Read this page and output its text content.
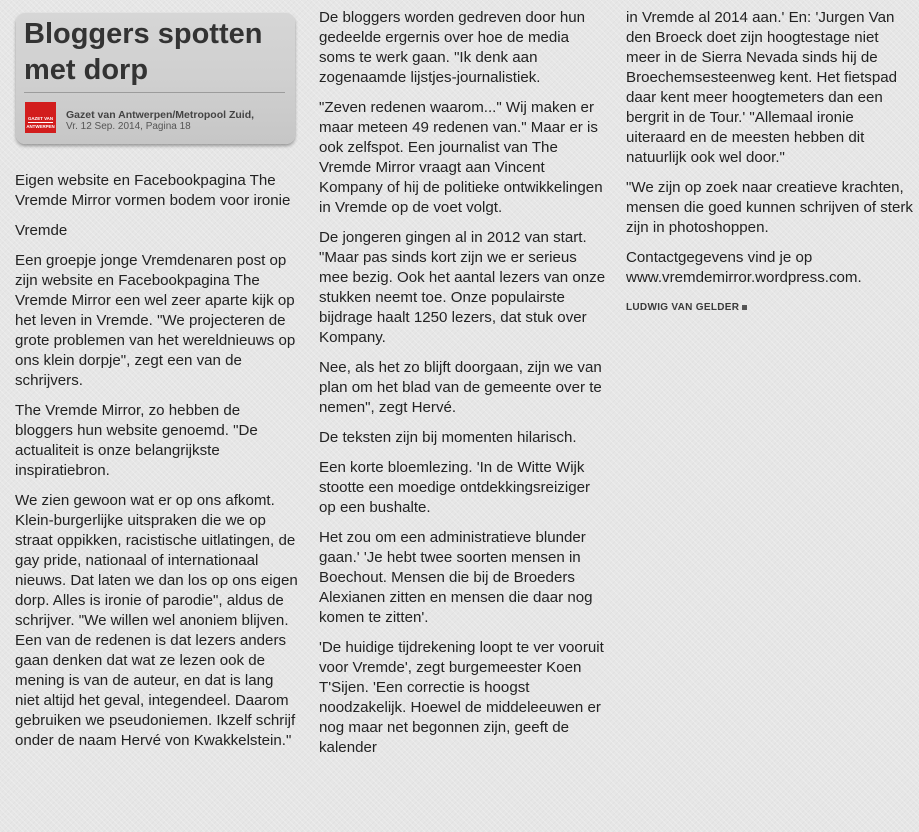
Bloggers spotten
met dorp
GAZET VAN
ANTWERPEN
Gazet van Antwerpen/Metropool Zuid,
Vr. 12 Sep. 2014, Pagina 18

Eigen website en Facebookpagina The Vremde Mirror vormen bodem voor ironie

Vremde

Een groepje jonge Vremdenaren post op zijn website en Facebookpagina The Vremde Mirror een wel zeer aparte kijk op het leven in Vremde. "We projecteren de grote problemen van het wereldnieuws op ons klein dorpje", zegt een van de schrijvers.

The Vremde Mirror, zo hebben de bloggers hun website genoemd. "De actualiteit is onze belangrijkste inspiratiebron.

We zien gewoon wat er op ons afkomt. Klein-burgerlijke uitspraken die we op straat oppikken, racistische uitlatingen, de gay pride, nationaal of internationaal nieuws. Dat laten we dan los op ons eigen dorp. Alles is ironie of parodie", aldus de schrijver. "We willen wel anoniem blijven. Een van de redenen is dat lezers anders gaan denken dat wat ze lezen ook de mening is van de auteur, en dat is lang niet altijd het geval, integendeel. Daarom gebruiken we pseudoniemen. Ikzelf schrijf onder de naam Hervé von Kwakkelstein."

De bloggers worden gedreven door hun gedeelde ergernis over hoe de media soms te werk gaan. "Ik denk aan zogenaamde lijstjes-journalistiek.

"Zeven redenen waarom..." Wij maken er maar meteen 49 redenen van." Maar er is ook zelfspot. Een journalist van The Vremde Mirror vraagt aan Vincent Kompany of hij de politieke ontwikkelingen in Vremde op de voet volgt.

De jongeren gingen al in 2012 van start. "Maar pas sinds kort zijn we er serieus mee bezig. Ook het aantal lezers van onze stukken neemt toe. Onze populairste bijdrage haalt 1250 lezers, dat stuk over Kompany.

Nee, als het zo blijft doorgaan, zijn we van plan om het blad van de gemeente over te nemen", zegt Hervé.

De teksten zijn bij momenten hilarisch.

Een korte bloemlezing. 'In de Witte Wijk stootte een moedige ontdekkingsreiziger op een bushalte.

Het zou om een administratieve blunder gaan.' 'Je hebt twee soorten mensen in Boechout. Mensen die bij de Broeders Alexianen zitten en mensen die daar nog komen te zitten'.

'De huidige tijdrekening loopt te ver vooruit voor Vremde', zegt burgemeester Koen T'Sijen. 'Een correctie is hoogst noodzakelijk. Hoewel de middeleeuwen er nog maar net begonnen zijn, geeft de kalender

in Vremde al 2014 aan.' En: 'Jurgen Van den Broeck doet zijn hoogtestage niet meer in de Sierra Nevada sinds hij de Broechemsesteenweg kent. Het fietspad daar kent meer hoogtemeters dan een bergrit in de Tour.' "Allemaal ironie uiteraard en de meesten hebben dit natuurlijk ook wel door."

"We zijn op zoek naar creatieve krachten, mensen die goed kunnen schrijven of sterk zijn in photoshoppen.

Contactgegevens vind je op www.vremdemirror.wordpress.com.

LUDWIG VAN GELDER
